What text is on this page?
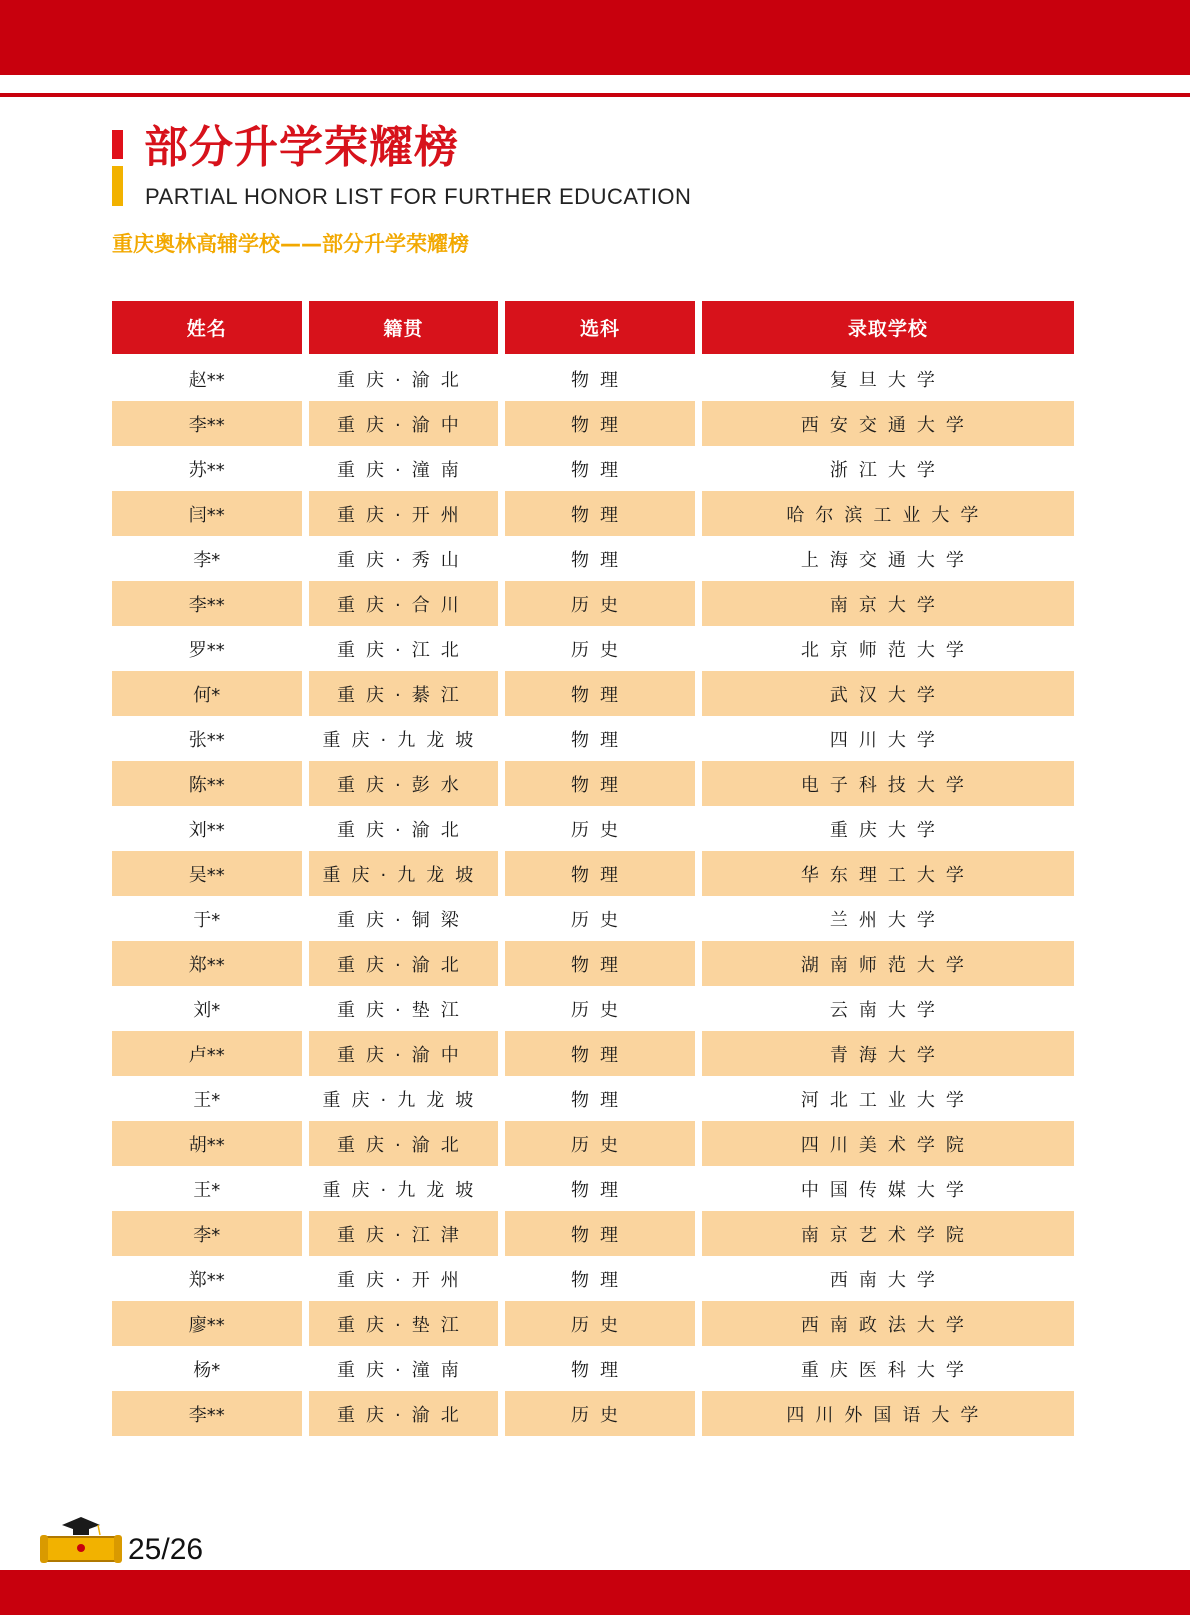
部分升学荣耀榜
PARTIAL HONOR LIST FOR FURTHER EDUCATION
重庆奥林高辅学校——部分升学荣耀榜
姓名	籍贯	选科	录取学校
赵**	重庆·渝北	物理	复旦大学
李**	重庆·渝中	物理	西安交通大学
苏**	重庆·潼南	物理	浙江大学
闫**	重庆·开州	物理	哈尔滨工业大学
李*	重庆·秀山	物理	上海交通大学
李**	重庆·合川	历史	南京大学
罗**	重庆·江北	历史	北京师范大学
何*	重庆·綦江	物理	武汉大学
张**	重庆·九龙坡	物理	四川大学
陈**	重庆·彭水	物理	电子科技大学
刘**	重庆·渝北	历史	重庆大学
吴**	重庆·九龙坡	物理	华东理工大学
于*	重庆·铜梁	历史	兰州大学
郑**	重庆·渝北	物理	湖南师范大学
刘*	重庆·垫江	历史	云南大学
卢**	重庆·渝中	物理	青海大学
王*	重庆·九龙坡	物理	河北工业大学
胡**	重庆·渝北	历史	四川美术学院
王*	重庆·九龙坡	物理	中国传媒大学
李*	重庆·江津	物理	南京艺术学院
郑**	重庆·开州	物理	西南大学
廖**	重庆·垫江	历史	西南政法大学
杨*	重庆·潼南	物理	重庆医科大学
李**	重庆·渝北	历史	四川外国语大学
25/26
